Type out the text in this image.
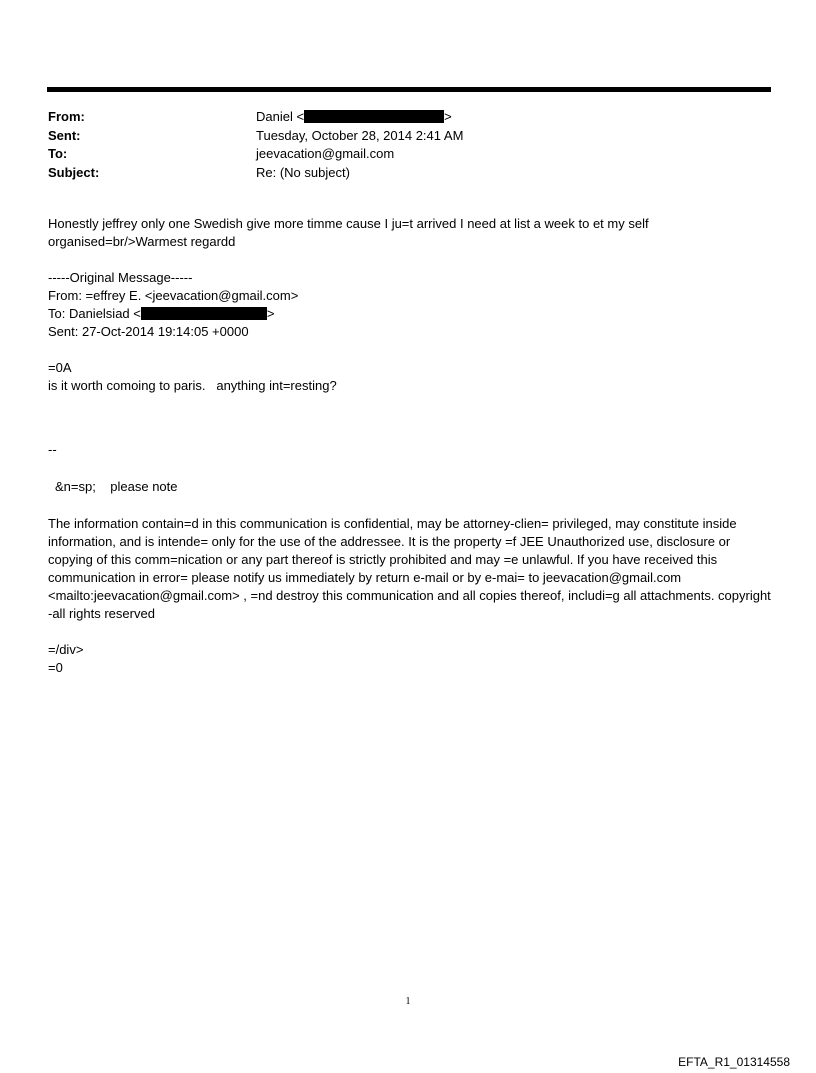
From:	Daniel <	>
Sent:	Tuesday, October 28, 2014 2:41 AM
To:	jeevacation@gmail.com
Subject:	Re: (No subject)

Honestly jeffrey only one Swedish give more timme cause I ju=t arrived I need at list a week to et my self

organised=br/>Warmest regardd

-----Original Message-----

From: =effrey E. <jeevacation@gmail.com>

To: Danielsiad <	>

Sent: 27-Oct-2014 19:14:05 +0000

=0A

is it worth comoing to paris.   anything int=resting?

--

&n=sp;    please note

The information contain=d in this communication is confidential, may be attorney-clien= privileged, may constitute inside information, and is intende= only for the use of the addressee. It is the property =f JEE Unauthorized use, disclosure or copying of this comm=nication or any part thereof is strictly prohibited and may =e unlawful. If you have received this communication in error= please notify us immediately by return e-mail or by e-mai= to jeevacation@gmail.com <mailto:jeevacation@gmail.com> , =nd destroy this communication and all copies thereof, includi=g all attachments. copyright -all rights reserved

=/div>

=0

1
EFTA_R1_01314558
